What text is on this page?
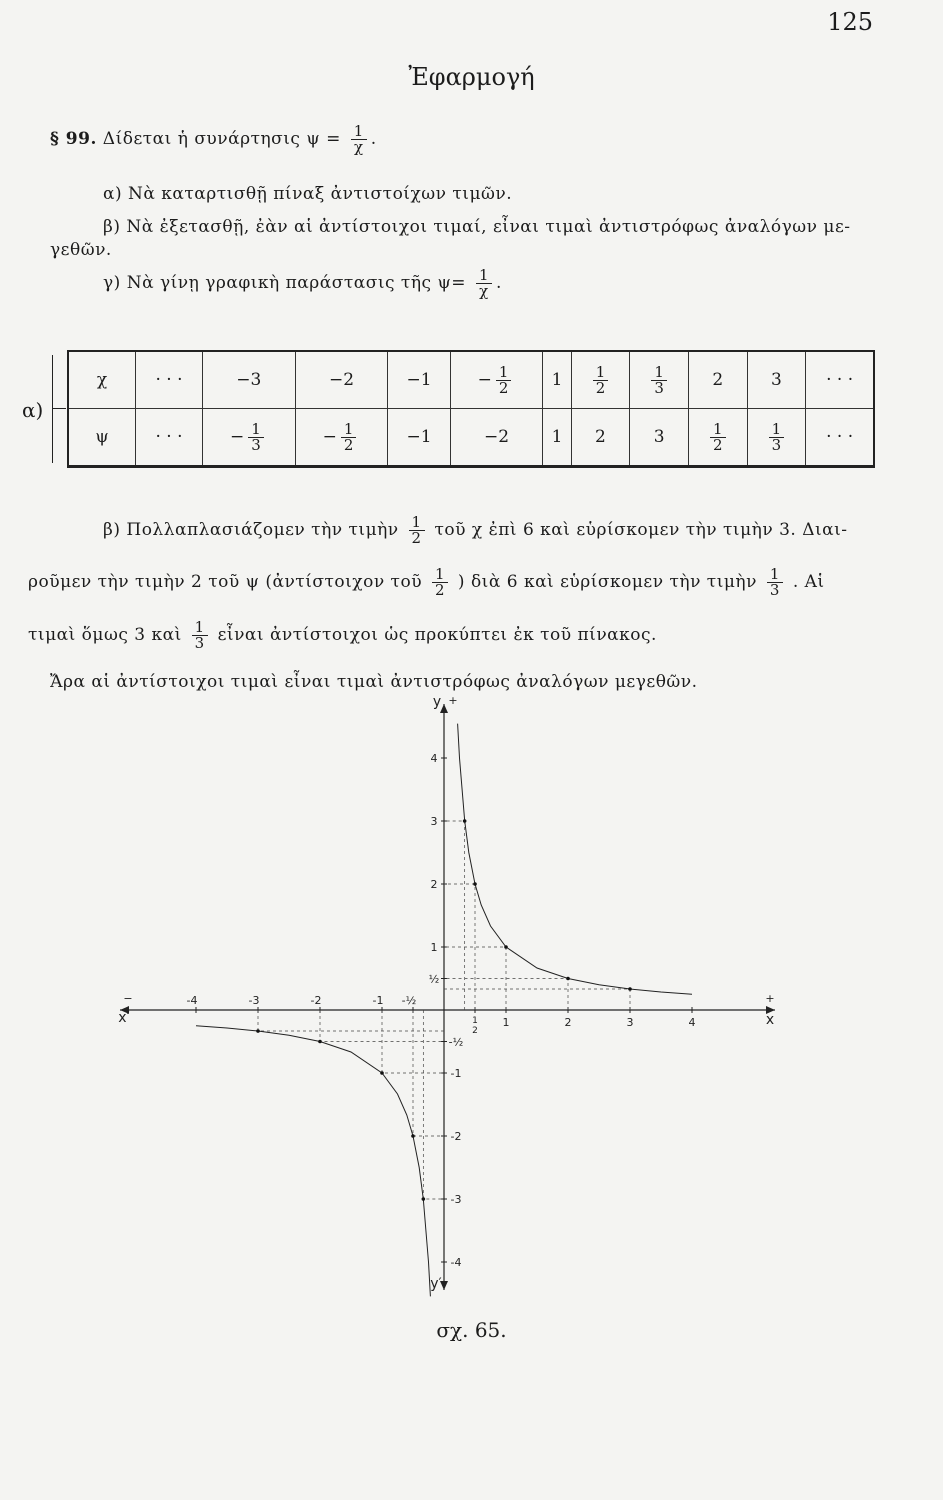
125
Ἐφαρμογή
§ 99. Δίδεται ἡ συνάρτησις $\psi = \frac{1}{\chi}$ .
α) Νὰ καταρτισθῇ πίναξ ἀντιστοίχων τιμῶν.
β) Νὰ ἐξετασθῇ, ἐὰν αἱ ἀντίστοιχοι τιμαί, εἶναι τιμαὶ ἀντιστρόφως ἀναλόγων με-
γεθῶν.
γ) Νὰ γίνῃ γραφικὴ παράστασις τῆς $\psi= \frac{1}{\chi}$ .
α)
χ	· · ·	−3	−2	−1	− $\frac{1}{2}$	1	$\frac{1}{2}$	$\frac{1}{3}$	2	3	· · ·
ψ	· · ·	− $\frac{1}{3}$	− $\frac{1}{2}$	−1	−2	1	2	3	$\frac{1}{2}$	$\frac{1}{3}$	· · ·
β) Πολλαπλασιάζομεν τὴν τιμὴν $\frac{1}{2}$ τοῦ χ ἐπὶ 6 καὶ εὑρίσκομεν τὴν τιμὴν 3. Διαι-
ροῦμεν τὴν τιμὴν 2 τοῦ ψ (ἀντίστοιχον τοῦ $\frac{1}{2}$ ) διὰ 6 καὶ εὑρίσκομεν τὴν τιμὴν $\frac{1}{3}$ . Αἱ
τιμαὶ ὅμως 3 καὶ $\frac{1}{3}$ εἶναι ἀντίστοιχοι ὡς προκύπτει ἐκ τοῦ πίνακος.
Ἄρα αἱ ἀντίστοιχοι τιμαὶ εἶναι τιμαὶ ἀντιστρόφως ἀναλόγων μεγεθῶν.
y +
y′
x′	x
+
−
1	2	3	4
1
2
-4	-3	-2	-1 -½
4
3
2
1
½
-½
-1
-2
-3
-4
σχ. 65.
